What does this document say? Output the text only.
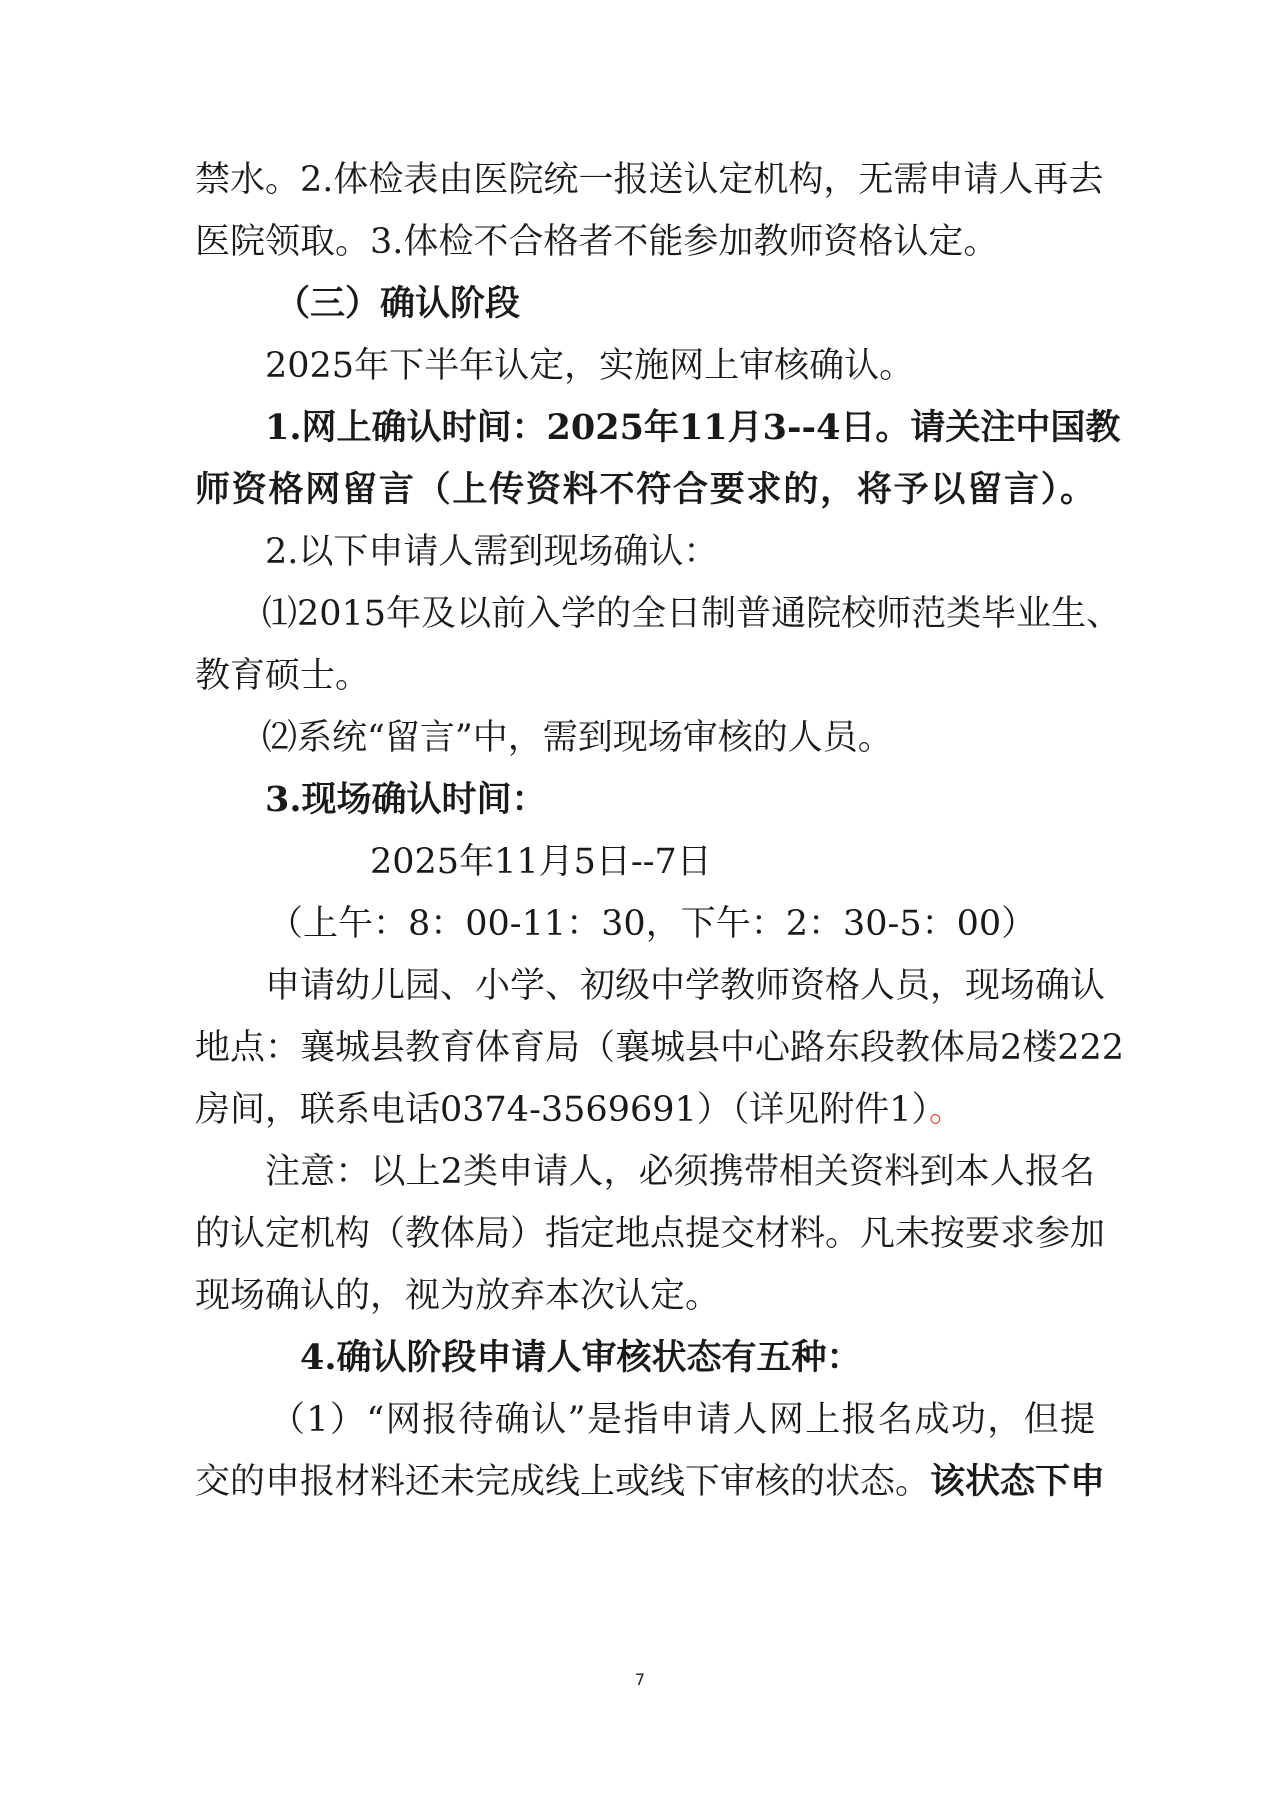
禁水。2.体检表由医院统一报送认定机构，无需申请人再去
医院领取。3.体检不合格者不能参加教师资格认定。
（三）确认阶段
2025年下半年认定，实施网上审核确认。
1.网上确认时间：2025年11月3--4日。请关注中国教
师资格网留言（上传资料不符合要求的，将予以留言）。
2.以下申请人需到现场确认：
⑴2015年及以前入学的全日制普通院校师范类毕业生、
教育硕士。
⑵系统“留言”中，需到现场审核的人员。
3.现场确认时间：
2025年11月5日--7日
（上午：8：00-11：30，下午：2：30-5：00）
申请幼儿园、小学、初级中学教师资格人员，现场确认
地点：襄城县教育体育局（襄城县中心路东段教体局2楼222
房间，联系电话0374-3569691）（详见附件1）。
注意：以上2类申请人，必须携带相关资料到本人报名
的认定机构（教体局）指定地点提交材料。凡未按要求参加
现场确认的，视为放弃本次认定。
4.确认阶段申请人审核状态有五种：
（1）“网报待确认”是指申请人网上报名成功，但提
交的申报材料还未完成线上或线下审核的状态。该状态下申
7
